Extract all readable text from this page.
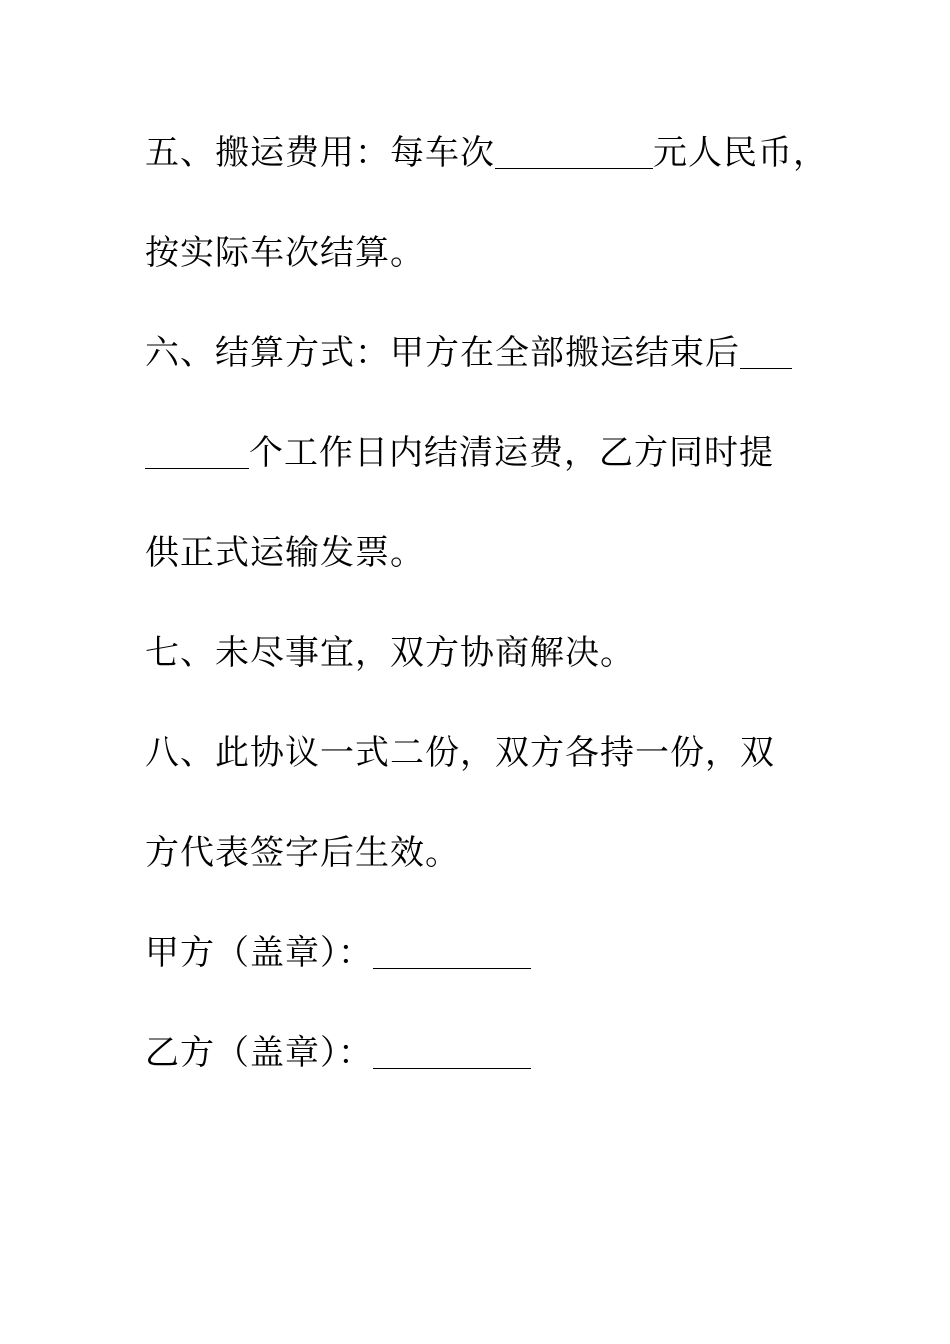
五、搬运费用：每车次	元人民币，
按实际车次结算。
六、结算方式：甲方在全部搬运结束后
个工作日内结清运费，乙方同时提
供正式运输发票。
七、未尽事宜，双方协商解决。
八、此协议一式二份，双方各持一份，双
方代表签字后生效。
甲方（盖章）：
乙方（盖章）：
